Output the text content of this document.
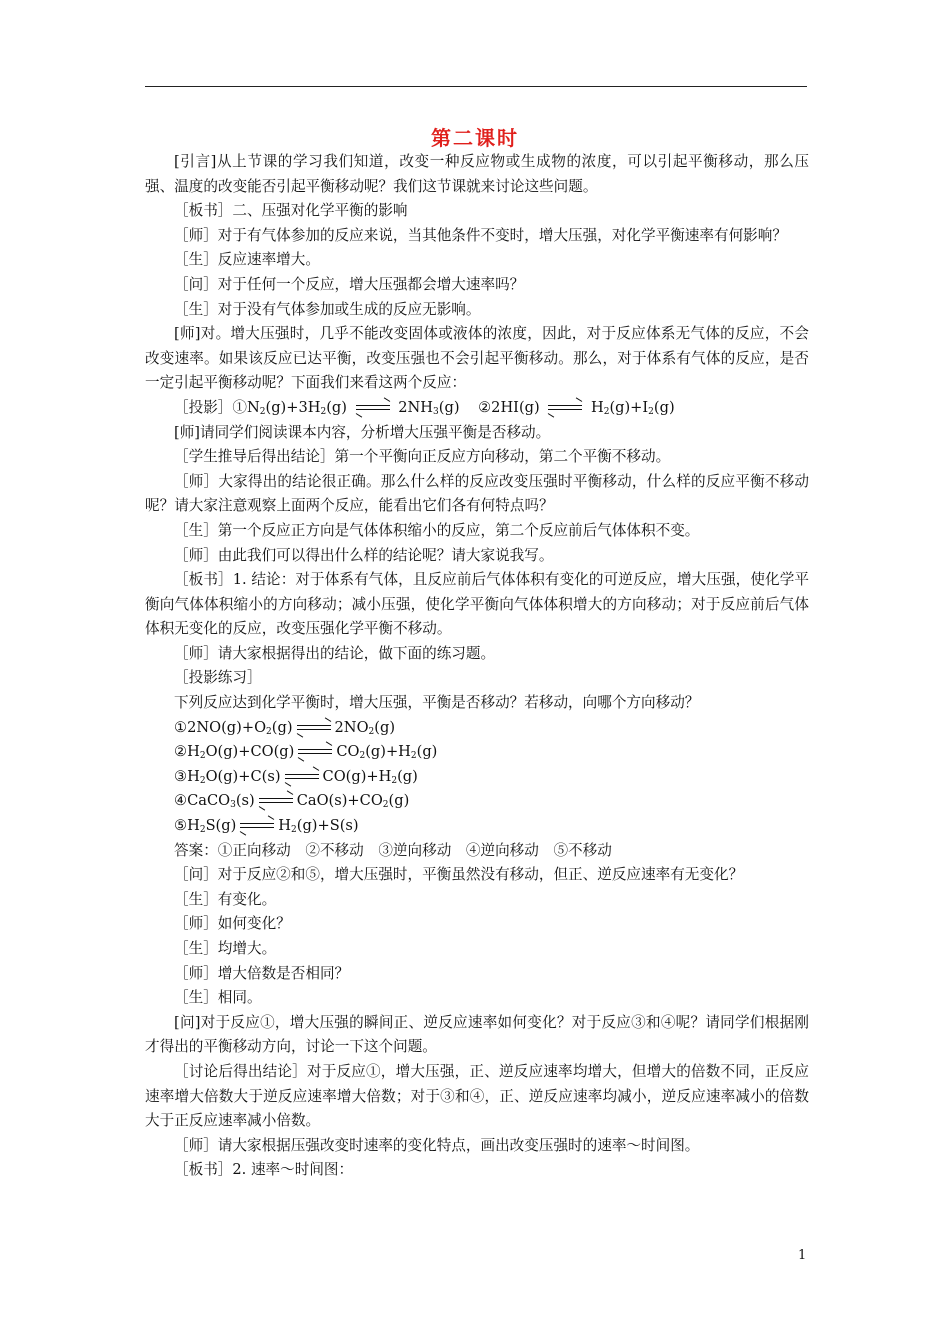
第二课时

[引言]从上节课的学习我们知道，改变一种反应物或生成物的浓度，可以引起平衡移动，那么压强、温度的改变能否引起平衡移动呢？我们这节课就来讨论这些问题。

［板书］二、压强对化学平衡的影响

［师］对于有气体参加的反应来说，当其他条件不变时，增大压强，对化学平衡速率有何影响？

［生］反应速率增大。

［问］对于任何一个反应，增大压强都会增大速率吗？

［生］对于没有气体参加或生成的反应无影响。

[师]对。增大压强时，几乎不能改变固体或液体的浓度，因此，对于反应体系无气体的反应，不会改变速率。如果该反应已达平衡，改变压强也不会引起平衡移动。那么，对于体系有气体的反应，是否一定引起平衡移动呢？下面我们来看这两个反应：

［投影$]①N_2(g)+3H_2(g)$	$2NH_3(g)$ ②2HI(g)	$H_2(g)+I_2(g)$

[师]请同学们阅读课本内容，分析增大压强平衡是否移动。

［学生推导后得出结论］第一个平衡向正反应方向移动，第二个平衡不移动。

［师］大家得出的结论很正确。那么什么样的反应改变压强时平衡移动，什么样的反应平衡不移动呢？请大家注意观察上面两个反应，能看出它们各有何特点吗？

［生］第一个反应正方向是气体体积缩小的反应，第二个反应前后气体体积不变。

［师］由此我们可以得出什么样的结论呢？请大家说我写。

［板书］1. 结论：对于体系有气体，且反应前后气体体积有变化的可逆反应，增大压强，使化学平衡向气体体积缩小的方向移动；减小压强，使化学平衡向气体体积增大的方向移动；对于反应前后气体体积无变化的反应，改变压强化学平衡不移动。

［师］请大家根据得出的结论，做下面的练习题。

［投影练习］

下列反应达到化学平衡时，增大压强，平衡是否移动？若移动，向哪个方向移动？

$①2NO(g)+O_2(g)$	$2NO_2(g)$

$②H_2O(g)+CO(g)$	$CO_2(g)+H_2(g)$

$③H_2O(g)+C(s)$	$CO(g)+H_2(g)$

④CaCO$_3$(s)	$CaO(s)+CO_2(g)$

$⑤H_2S(g)$	$H_2(g)+S(s)$

答案：①正向移动　②不移动　③逆向移动　④逆向移动　⑤不移动

［问］对于反应②和⑤，增大压强时，平衡虽然没有移动，但正、逆反应速率有无变化？

［生］有变化。

［师］如何变化？

［生］均增大。

［师］增大倍数是否相同？

［生］相同。

[问]对于反应①，增大压强的瞬间正、逆反应速率如何变化？对于反应③和④呢？请同学们根据刚才得出的平衡移动方向，讨论一下这个问题。

［讨论后得出结论］对于反应①，增大压强，正、逆反应速率均增大，但增大的倍数不同，正反应速率增大倍数大于逆反应速率增大倍数；对于③和④，正、逆反应速率均减小，逆反应速率减小的倍数大于正反应速率减小倍数。

［师］请大家根据压强改变时速率的变化特点，画出改变压强时的速率～时间图。

［板书］2. 速率～时间图：

1
